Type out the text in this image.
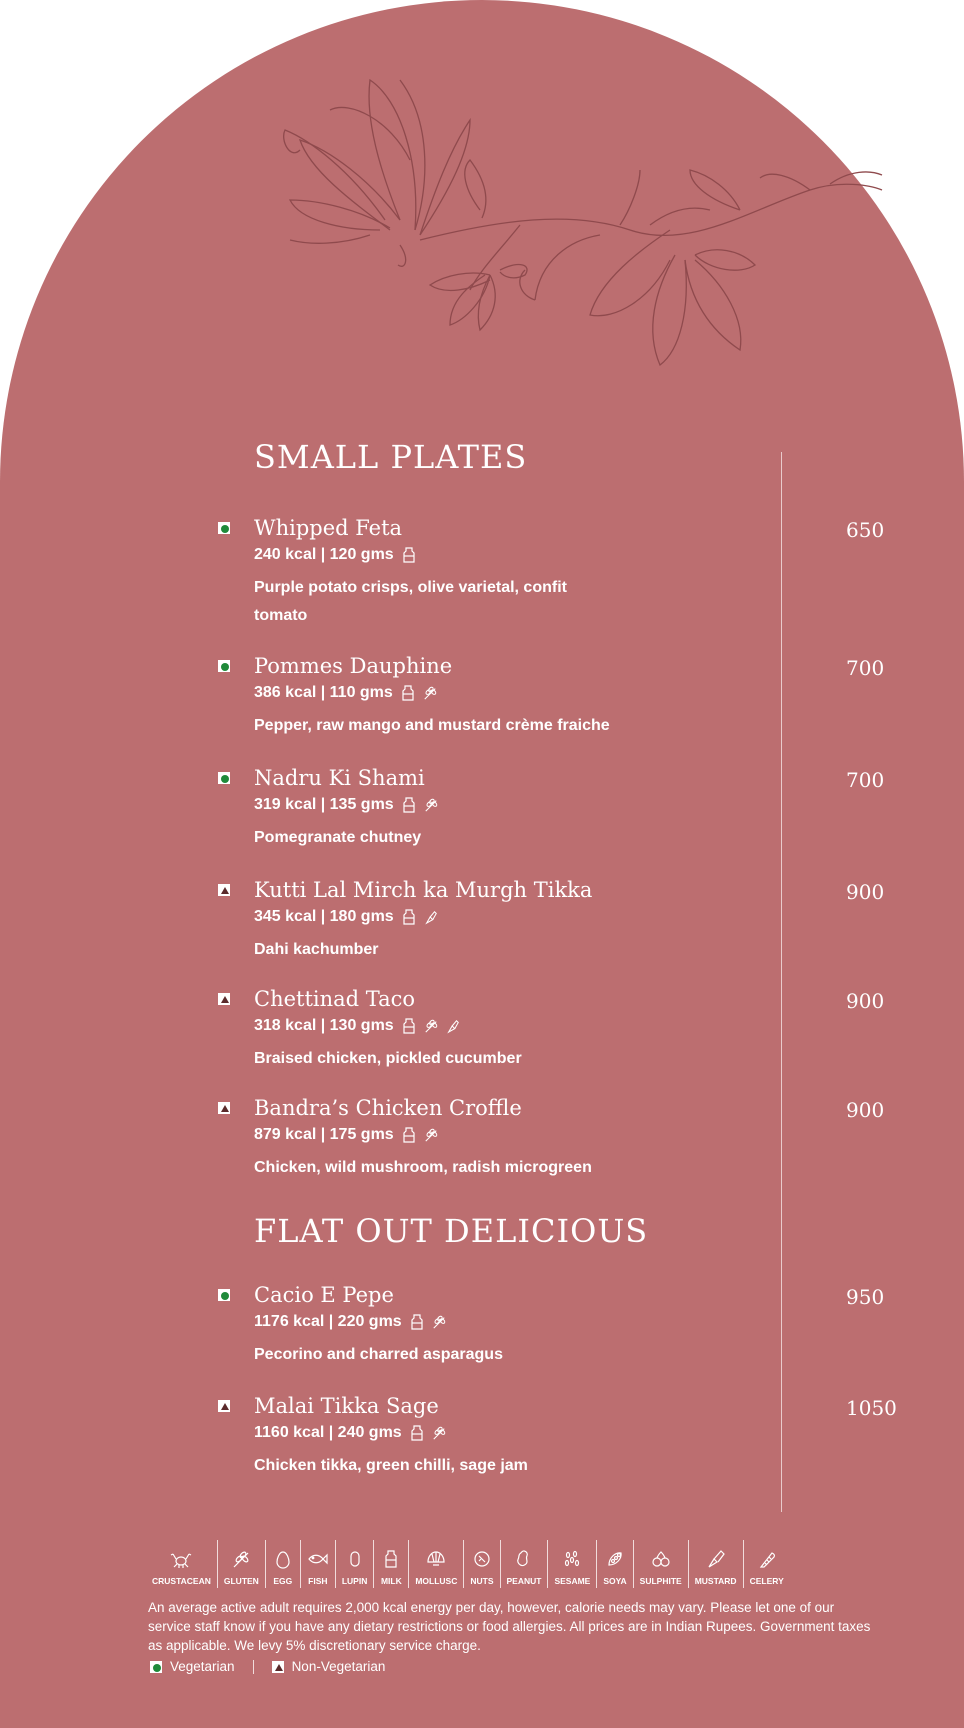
SMALL PLATES
Whipped Feta	650
240 kcal | 120 gms
Purple potato crisps, olive varietal, confit tomato
Pommes Dauphine	700
386 kcal | 110 gms
Pepper, raw mango and mustard crème fraiche
Nadru Ki Shami	700
319 kcal | 135 gms
Pomegranate chutney
Kutti Lal Mirch ka Murgh Tikka	900
345 kcal | 180 gms
Dahi kachumber
Chettinad Taco	900
318 kcal | 130 gms
Braised chicken, pickled cucumber
Bandra’s Chicken Croffle	900
879 kcal | 175 gms
Chicken, wild mushroom, radish microgreen
FLAT OUT DELICIOUS
Cacio E Pepe	950
1176 kcal | 220 gms
Pecorino and charred asparagus
Malai Tikka Sage	1050
1160 kcal | 240 gms
Chicken tikka, green chilli, sage jam
CRUSTACEAN GLUTEN EGG FISH LUPIN MILK MOLLUSC NUTS PEANUT SESAME SOYA SULPHITE MUSTARD CELERY
An average active adult requires 2,000 kcal energy per day, however, calorie needs may vary. Please let one of our service staff know if you have any dietary restrictions or food allergies. All prices are in Indian Rupees. Government taxes as applicable. We levy 5% discretionary service charge.
Vegetarian	Non-Vegetarian
